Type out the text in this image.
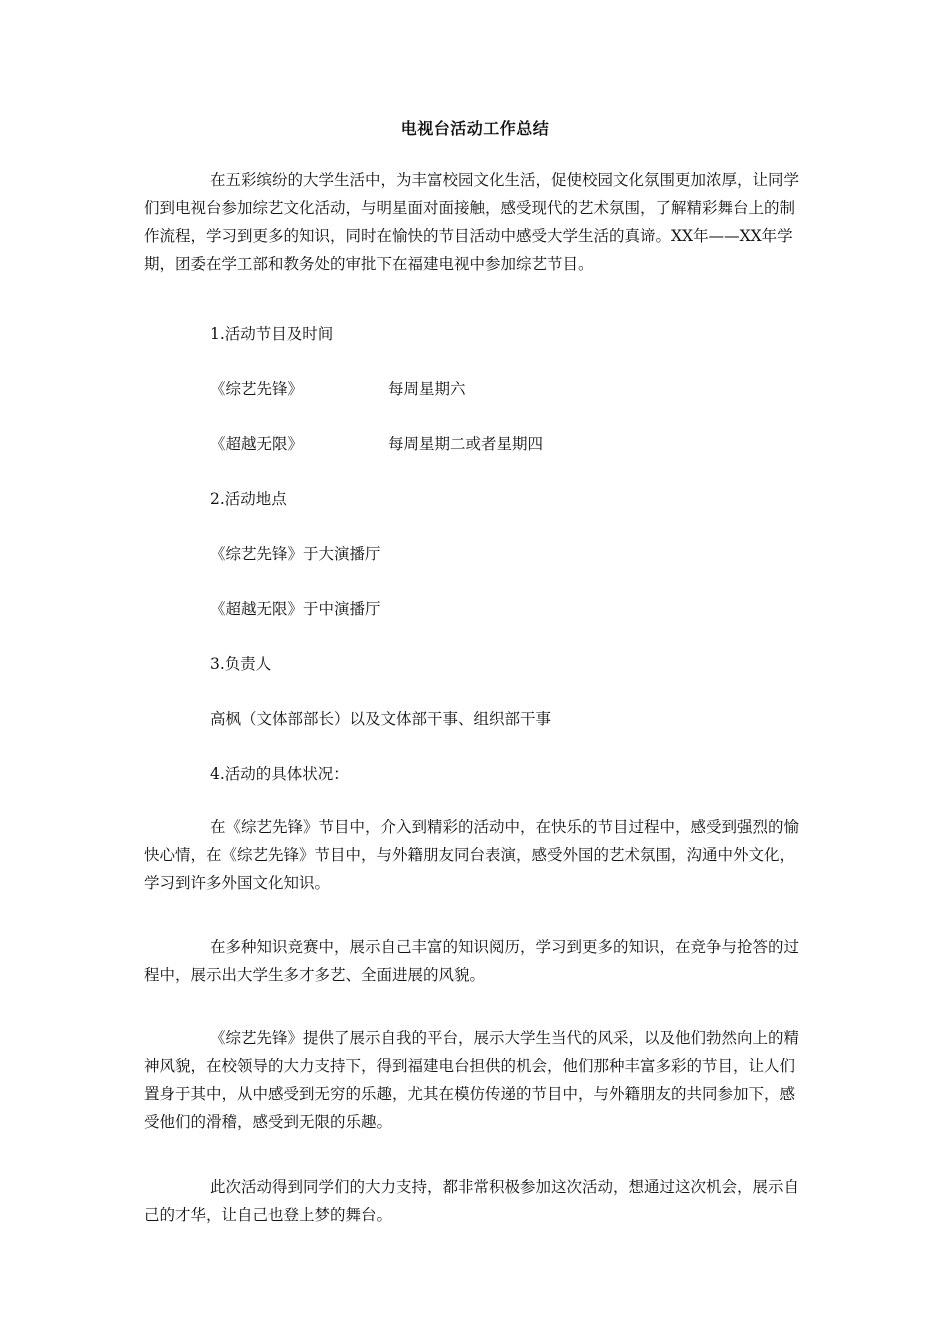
电视台活动工作总结

在五彩缤纷的大学生活中，为丰富校园文化生活，促使校园文化氛围更加浓厚，让同学们到电视台参加综艺文化活动，与明星面对面接触，感受现代的艺术氛围，了解精彩舞台上的制作流程，学习到更多的知识，同时在愉快的节目活动中感受大学生活的真谛。XX年——XX年学期，团委在学工部和教务处的审批下在福建电视中参加综艺节目。

1.活动节目及时间
《综艺先锋》	每周星期六
《超越无限》	每周星期二或者星期四
2.活动地点
《综艺先锋》于大演播厅
《超越无限》于中演播厅
3.负责人
高枫（文体部部长）以及文体部干事、组织部干事
4.活动的具体状况：

在《综艺先锋》节目中，介入到精彩的活动中，在快乐的节目过程中，感受到强烈的愉快心情，在《综艺先锋》节目中，与外籍朋友同台表演，感受外国的艺术氛围，沟通中外文化，学习到许多外国文化知识。

在多种知识竞赛中，展示自己丰富的知识阅历，学习到更多的知识，在竞争与抢答的过程中，展示出大学生多才多艺、全面进展的风貌。

《综艺先锋》提供了展示自我的平台，展示大学生当代的风采，以及他们勃然向上的精神风貌，在校领导的大力支持下，得到福建电台担供的机会，他们那种丰富多彩的节目，让人们置身于其中，从中感受到无穷的乐趣，尤其在模仿传递的节目中，与外籍朋友的共同参加下，感受他们的滑稽，感受到无限的乐趣。

此次活动得到同学们的大力支持，都非常积极参加这次活动，想通过这次机会，展示自己的才华，让自己也登上梦的舞台。
